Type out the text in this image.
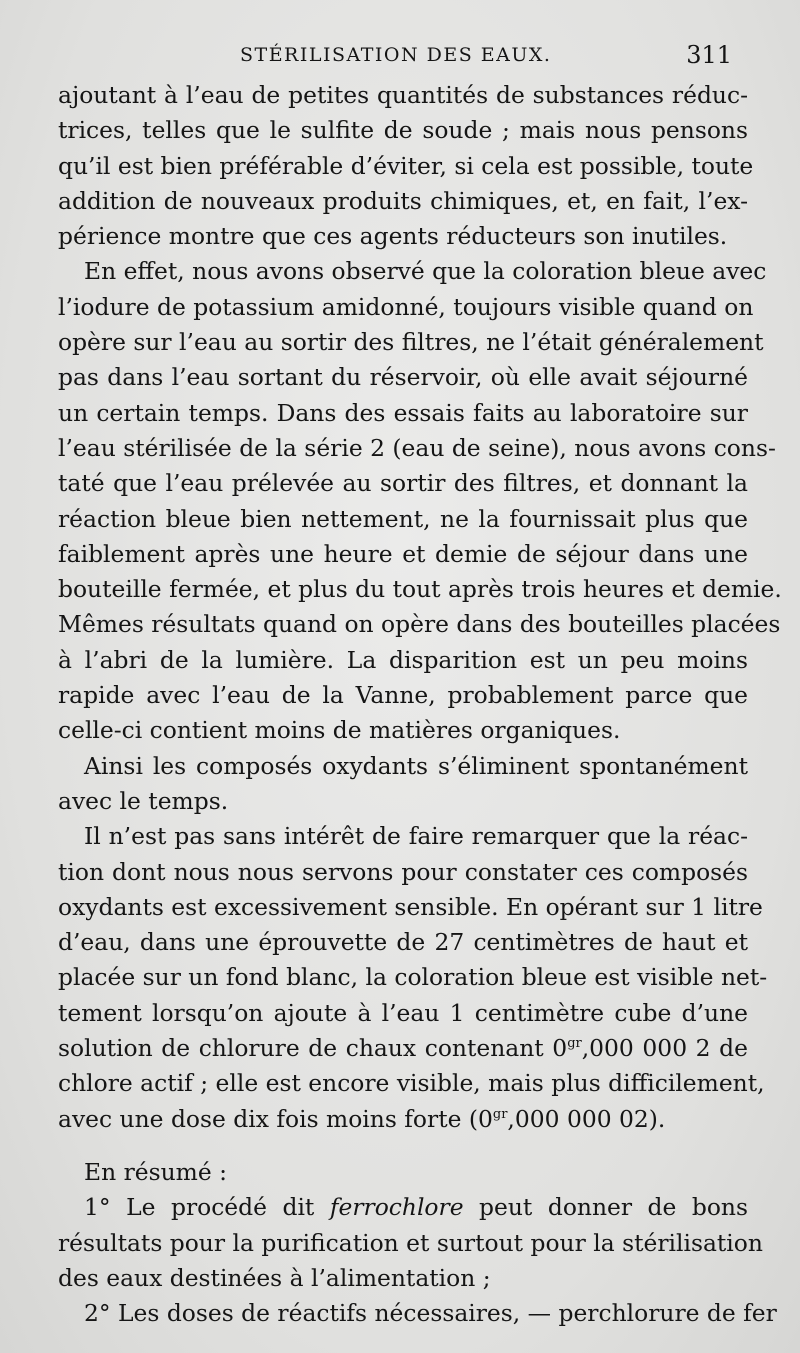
STÉRILISATION DES EAUX.	311
ajoutant à l’eau de petites quantités de substances réduc-
trices, telles que le sulfite de soude ; mais nous pensons
qu’il est bien préférable d’éviter, si cela est possible, toute
addition de nouveaux produits chimiques, et, en fait, l’ex-
périence montre que ces agents réducteurs son inutiles.
En effet, nous avons observé que la coloration bleue avec
l’iodure de potassium amidonné, toujours visible quand on
opère sur l’eau au sortir des filtres, ne l’était généralement
pas dans l’eau sortant du réservoir, où elle avait séjourné
un certain temps. Dans des essais faits au laboratoire sur
l’eau stérilisée de la série 2 (eau de seine), nous avons cons-
taté que l’eau prélevée au sortir des filtres, et donnant la
réaction bleue bien nettement, ne la fournissait plus que
faiblement après une heure et demie de séjour dans une
bouteille fermée, et plus du tout après trois heures et demie.
Mêmes résultats quand on opère dans des bouteilles placées
à l’abri de la lumière. La disparition est un peu moins
rapide avec l’eau de la Vanne, probablement parce que
celle-ci contient moins de matières organiques.
Ainsi les composés oxydants s’éliminent spontanément
avec le temps.
Il n’est pas sans intérêt de faire remarquer que la réac-
tion dont nous nous servons pour constater ces composés
oxydants est excessivement sensible. En opérant sur 1 litre
d’eau, dans une éprouvette de 27 centimètres de haut et
placée sur un fond blanc, la coloration bleue est visible net-
tement lorsqu’on ajoute à l’eau 1 centimètre cube d’une
solution de chlorure de chaux contenant $0^{gr},000$ 000 2 de
chlore actif ; elle est encore visible, mais plus difficilement,
avec une dose dix fois moins forte ($0^{gr},000$ 000 02).
En résumé :
1° Le procédé dit ferrochlore peut donner de bons
résultats pour la purification et surtout pour la stérilisation
des eaux destinées à l’alimentation ;
2° Les doses de réactifs nécessaires, — perchlorure de fer
